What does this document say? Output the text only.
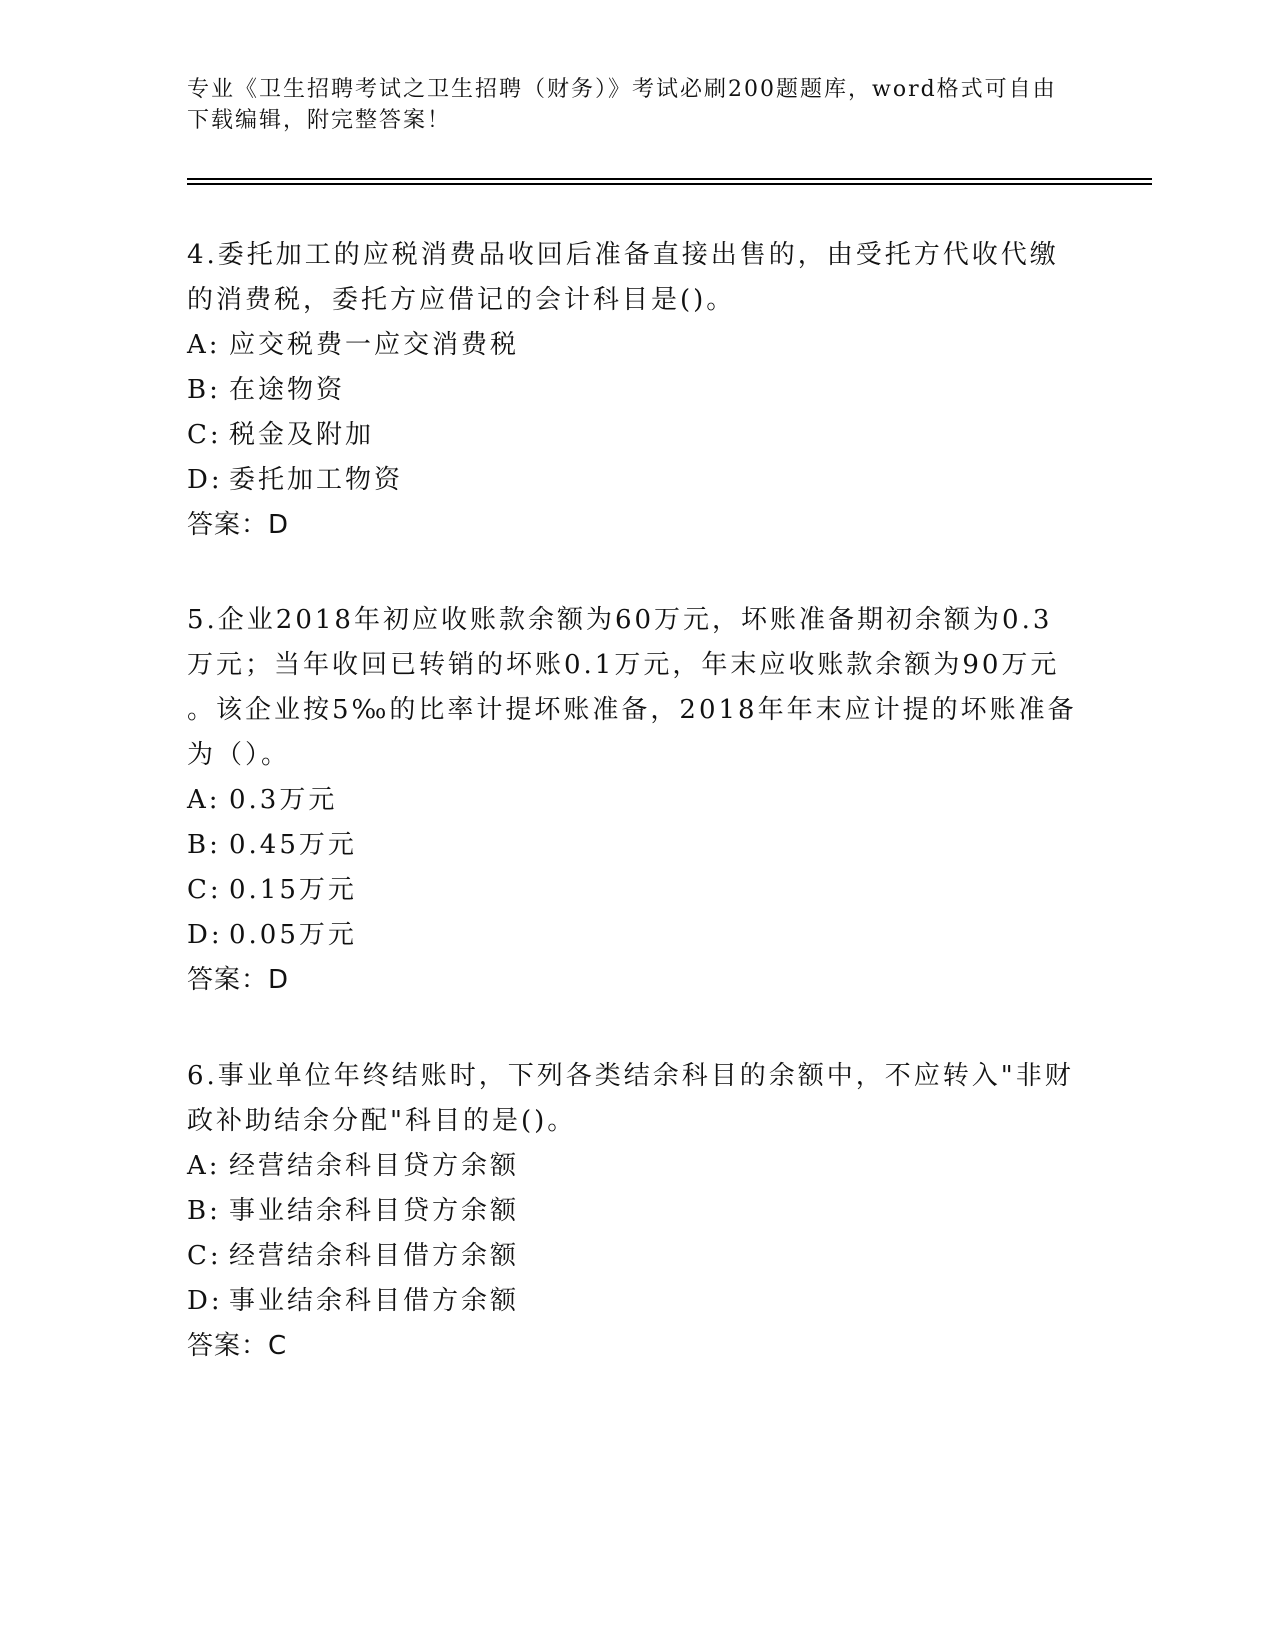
专业《卫生招聘考试之卫生招聘（财务）》考试必刷200题题库，word格式可自由下载编辑，附完整答案！

4.委托加工的应税消费品收回后准备直接出售的，由受托方代收代缴

的消费税，委托方应借记的会计科目是()。

A: 应交税费一应交消费税
B: 在途物资
C: 税金及附加
D: 委托加工物资

答案：D

5.企业2018年初应收账款余额为60万元，坏账准备期初余额为0.3

万元；当年收回已转销的坏账0.1万元，年末应收账款余额为90万元

。该企业按5‰的比率计提坏账准备，2018年年末应计提的坏账准备

为（）。

A: 0.3万元
B: 0.45万元
C: 0.15万元
D: 0.05万元

答案：D

6.事业单位年终结账时，下列各类结余科目的余额中，不应转入"非财

政补助结余分配"科目的是()。

A: 经营结余科目贷方余额
B: 事业结余科目贷方余额
C: 经营结余科目借方余额
D: 事业结余科目借方余额

答案：C
